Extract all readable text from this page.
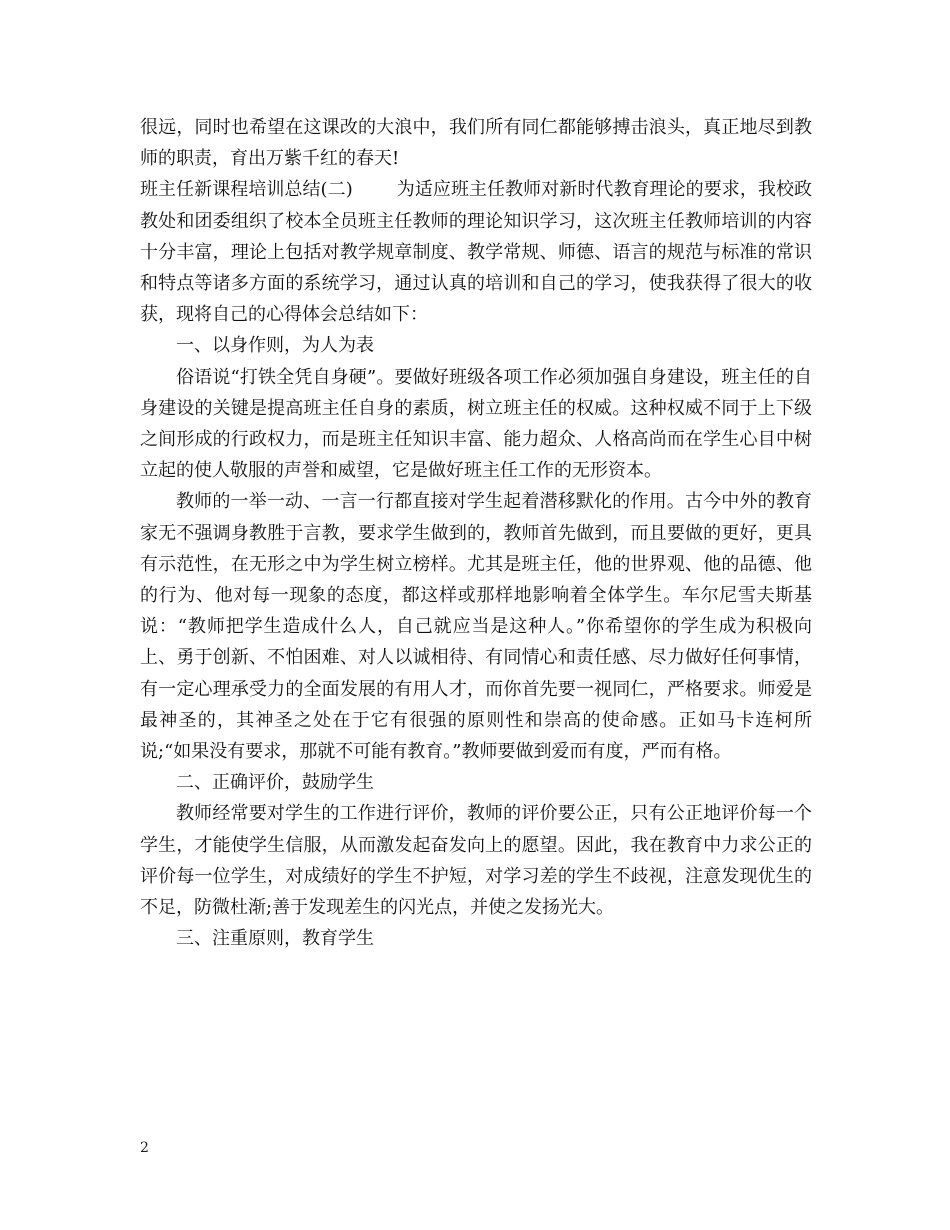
很远，同时也希望在这课改的大浪中，我们所有同仁都能够搏击浪头，真正地尽到教师的职责，育出万紫千红的春天!

班主任新课程培训总结(二) 为适应班主任教师对新时代教育理论的要求，我校政教处和团委组织了校本全员班主任教师的理论知识学习，这次班主任教师培训的内容十分丰富，理论上包括对教学规章制度、教学常规、师德、语言的规范与标准的常识和特点等诸多方面的系统学习，通过认真的培训和自己的学习，使我获得了很大的收获，现将自己的心得体会总结如下：

一、以身作则，为人为表

俗语说“打铁全凭自身硬”。要做好班级各项工作必须加强自身建设，班主任的自身建设的关键是提高班主任自身的素质，树立班主任的权威。这种权威不同于上下级之间形成的行政权力，而是班主任知识丰富、能力超众、人格高尚而在学生心目中树立起的使人敬服的声誉和威望，它是做好班主任工作的无形资本。

教师的一举一动、一言一行都直接对学生起着潜移默化的作用。古今中外的教育家无不强调身教胜于言教，要求学生做到的，教师首先做到，而且要做的更好，更具有示范性，在无形之中为学生树立榜样。尤其是班主任，他的世界观、他的品德、他的行为、他对每一现象的态度，都这样或那样地影响着全体学生。车尔尼雪夫斯基说：“教师把学生造成什么人，自己就应当是这种人。”你希望你的学生成为积极向上、勇于创新、不怕困难、对人以诚相待、有同情心和责任感、尽力做好任何事情，有一定心理承受力的全面发展的有用人才，而你首先要一视同仁，严格要求。师爱是最神圣的，其神圣之处在于它有很强的原则性和崇高的使命感。正如马卡连柯所说;“如果没有要求，那就不可能有教育。”教师要做到爱而有度，严而有格。

二、正确评价，鼓励学生

教师经常要对学生的工作进行评价，教师的评价要公正，只有公正地评价每一个学生，才能使学生信服，从而激发起奋发向上的愿望。因此，我在教育中力求公正的评价每一位学生，对成绩好的学生不护短，对学习差的学生不歧视，注意发现优生的不足，防微杜渐;善于发现差生的闪光点，并使之发扬光大。

三、注重原则，教育学生

2
